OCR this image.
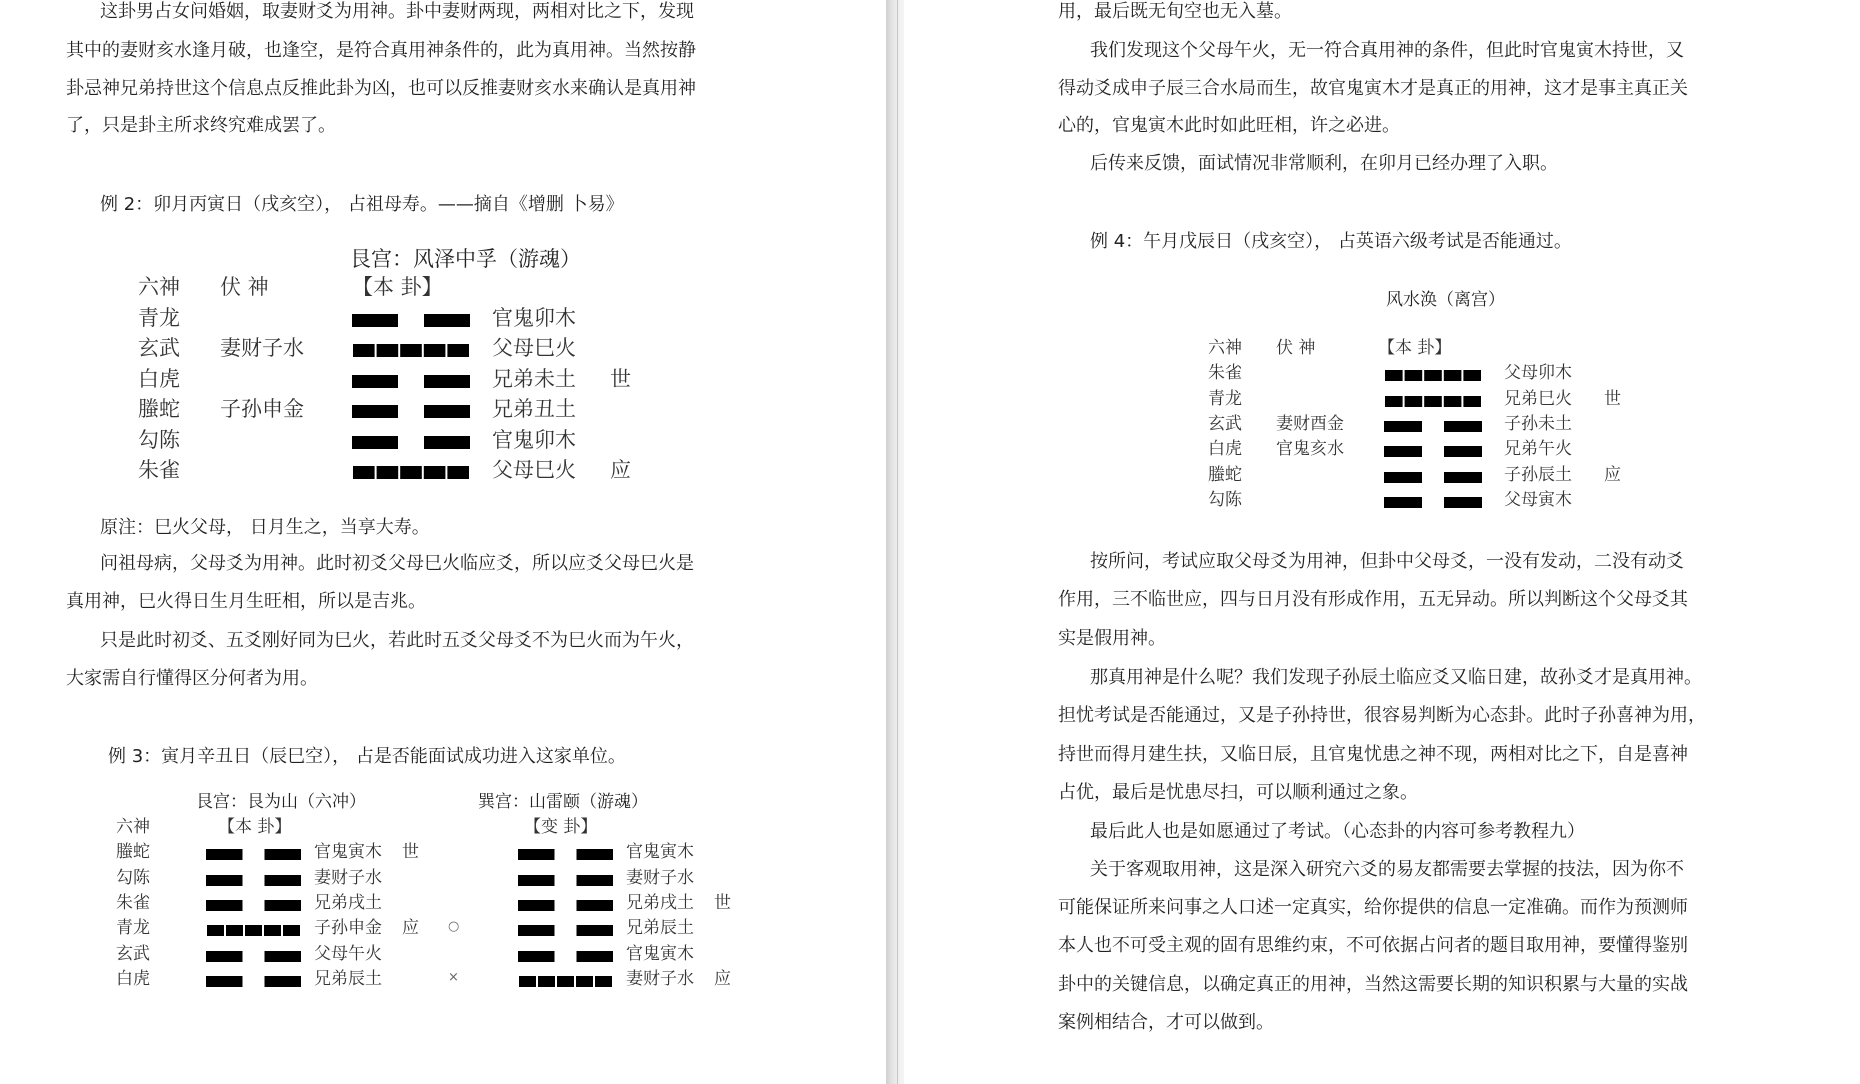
这卦男占女问婚姻，取妻财爻为用神。卦中妻财两现，两相对比之下，发现
其中的妻财亥水逢月破，也逢空，是符合真用神条件的，此为真用神。当然按静
卦忌神兄弟持世这个信息点反推此卦为凶，也可以反推妻财亥水来确认是真用神
了，只是卦主所求终究难成罢了。
例 2：卯月丙寅日（戌亥空）， 占祖母寿。——摘自《增删 卜易》
艮宫：风泽中孚（游魂）
六神 伏 神	【本 卦】
青龙	官鬼卯木
玄武 妻财子水	父母巳火
白虎	兄弟未土 世
螣蛇 子孙申金	兄弟丑土
勾陈	官鬼卯木
朱雀	父母巳火 应
原注：巳火父母， 日月生之，当享大寿。
问祖母病，父母爻为用神。此时初爻父母巳火临应爻，所以应爻父母巳火是
真用神，巳火得日生月生旺相，所以是吉兆。
只是此时初爻、五爻刚好同为巳火，若此时五爻父母爻不为巳火而为午火，
大家需自行懂得区分何者为用。
例 3：寅月辛丑日（辰巳空）， 占是否能面试成功进入这家单位。
艮宫：艮为山（六冲）	巽宫：山雷颐（游魂）
六神	【本 卦】	【变 卦】
螣蛇	官鬼寅木 世	官鬼寅木
勾陈	妻财子水	妻财子水
朱雀	兄弟戌土	兄弟戌土 世
青龙	子孙申金 应 ○	兄弟辰土
玄武	父母午火	官鬼寅木
白虎	兄弟辰土	×	妻财子水 应
用，最后既无旬空也无入墓。
我们发现这个父母午火，无一符合真用神的条件，但此时官鬼寅木持世，又
得动爻成申子辰三合水局而生，故官鬼寅木才是真正的用神，这才是事主真正关
心的，官鬼寅木此时如此旺相，许之必进。
后传来反馈，面试情况非常顺利，在卯月已经办理了入职。
例 4：午月戊辰日（戌亥空）， 占英语六级考试是否能通过。
风水涣（离宫）
六神 伏 神	【本 卦】
朱雀	父母卯木
青龙	兄弟巳火 世
玄武 妻财酉金	子孙未土
白虎 官鬼亥水	兄弟午火
螣蛇	子孙辰土 应
勾陈	父母寅木
按所问，考试应取父母爻为用神，但卦中父母爻，一没有发动，二没有动爻
作用，三不临世应，四与日月没有形成作用，五无异动。所以判断这个父母爻其
实是假用神。
那真用神是什么呢？我们发现子孙辰土临应爻又临日建，故孙爻才是真用神。
担忧考试是否能通过，又是子孙持世，很容易判断为心态卦。此时子孙喜神为用，
持世而得月建生扶，又临日辰，且官鬼忧患之神不现，两相对比之下，自是喜神
占优，最后是忧患尽扫，可以顺利通过之象。
最后此人也是如愿通过了考试。（心态卦的内容可参考教程九）
关于客观取用神，这是深入研究六爻的易友都需要去掌握的技法，因为你不
可能保证所来问事之人口述一定真实，给你提供的信息一定准确。而作为预测师
本人也不可受主观的固有思维约束，不可依据占问者的题目取用神，要懂得鉴别
卦中的关键信息，以确定真正的用神，当然这需要长期的知识积累与大量的实战
案例相结合，才可以做到。
